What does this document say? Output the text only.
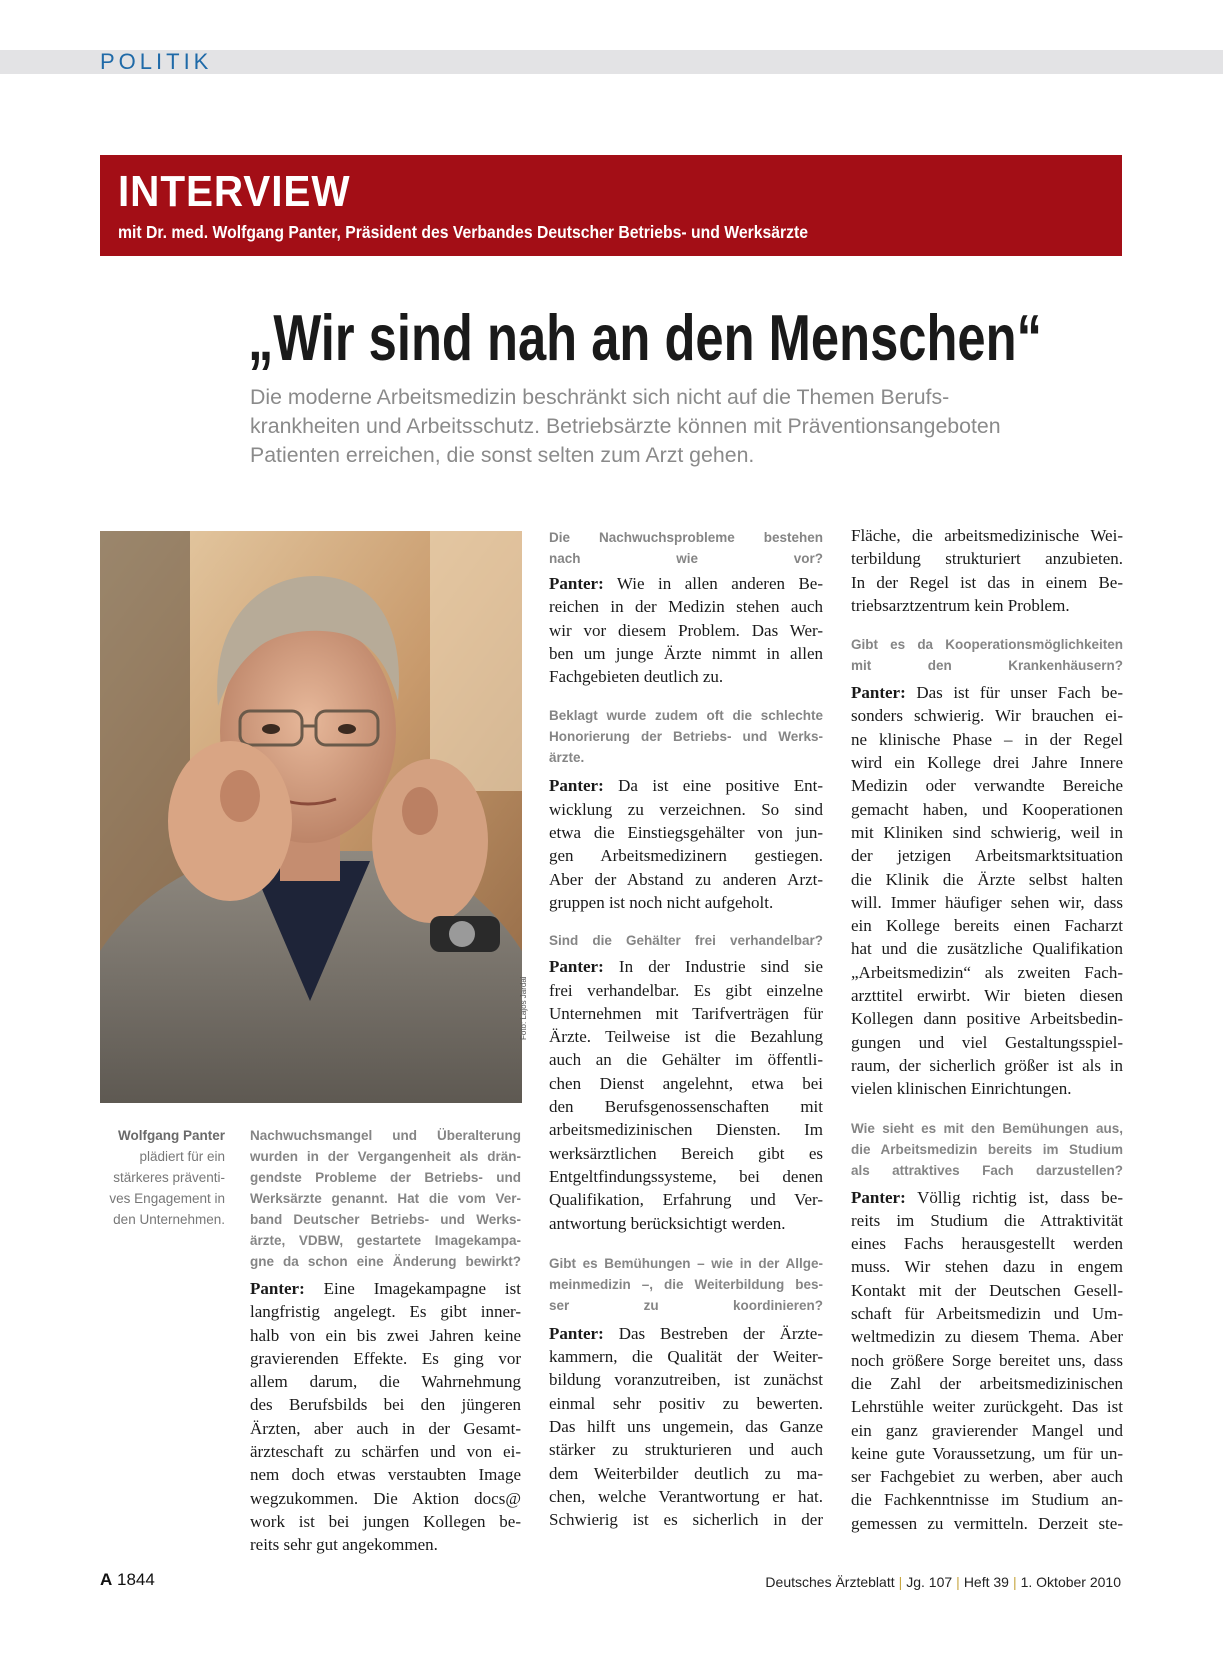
POLITIK
INTERVIEW
mit Dr. med. Wolfgang Panter, Präsident des Verbandes Deutscher Betriebs- und Werksärzte
„Wir sind nah an den Menschen“
Die moderne Arbeitsmedizin beschränkt sich nicht auf die Themen Berufs-
krankheiten und Arbeitsschutz. Betriebsärzte können mit Präventionsangeboten
Patienten erreichen, die sonst selten zum Arzt gehen.
Foto: Lajos Jardai
Wolfgang Panter
plädiert für ein
stärkeres präventi-
ves Engagement in
den Unternehmen.
Nachwuchsmangel und Überalterung
wurden in der Vergangenheit als drän-
gendste Probleme der Betriebs- und
Werksärzte genannt. Hat die vom Ver-
band Deutscher Betriebs- und Werks-
ärzte, VDBW, gestartete Imagekampa-
gne da schon eine Änderung bewirkt?
Panter: Eine Imagekampagne ist
langfristig angelegt. Es gibt inner-
halb von ein bis zwei Jahren keine
gravierenden Effekte. Es ging vor
allem darum, die Wahrnehmung
des Berufsbilds bei den jüngeren
Ärzten, aber auch in der Gesamt-
ärzteschaft zu schärfen und von ei-
nem doch etwas verstaubten Image
wegzukommen. Die Aktion docs@
work ist bei jungen Kollegen be-
reits sehr gut angekommen.
Die Nachwuchsprobleme bestehen
nach wie vor?
Panter: Wie in allen anderen Be-
reichen in der Medizin stehen auch
wir vor diesem Problem. Das Wer-
ben um junge Ärzte nimmt in allen
Fachgebieten deutlich zu.
Beklagt wurde zudem oft die schlechte
Honorierung der Betriebs- und Werks-
ärzte.
Panter: Da ist eine positive Ent-
wicklung zu verzeichnen. So sind
etwa die Einstiegsgehälter von jun-
gen Arbeitsmedizinern gestiegen.
Aber der Abstand zu anderen Arzt-
gruppen ist noch nicht aufgeholt.
Sind die Gehälter frei verhandelbar?
Panter: In der Industrie sind sie
frei verhandelbar. Es gibt einzelne
Unternehmen mit Tarifverträgen für
Ärzte. Teilweise ist die Bezahlung
auch an die Gehälter im öffentli-
chen Dienst angelehnt, etwa bei
den Berufsgenossenschaften mit
arbeitsmedizinischen Diensten. Im
werksärztlichen Bereich gibt es
Entgeltfindungssysteme, bei denen
Qualifikation, Erfahrung und Ver-
antwortung berücksichtigt werden.
Gibt es Bemühungen – wie in der Allge-
meinmedizin –, die Weiterbildung bes-
ser zu koordinieren?
Panter: Das Bestreben der Ärzte-
kammern, die Qualität der Weiter-
bildung voranzutreiben, ist zunächst
einmal sehr positiv zu bewerten.
Das hilft uns ungemein, das Ganze
stärker zu strukturieren und auch
dem Weiterbilder deutlich zu ma-
chen, welche Verantwortung er hat.
Schwierig ist es sicherlich in der
Fläche, die arbeitsmedizinische Wei-
terbildung strukturiert anzubieten.
In der Regel ist das in einem Be-
triebsarztzentrum kein Problem.
Gibt es da Kooperationsmöglichkeiten
mit den Krankenhäusern?
Panter: Das ist für unser Fach be-
sonders schwierig. Wir brauchen ei-
ne klinische Phase – in der Regel
wird ein Kollege drei Jahre Innere
Medizin oder verwandte Bereiche
gemacht haben, und Kooperationen
mit Kliniken sind schwierig, weil in
der jetzigen Arbeitsmarktsituation
die Klinik die Ärzte selbst halten
will. Immer häufiger sehen wir, dass
ein Kollege bereits einen Facharzt
hat und die zusätzliche Qualifikation
„Arbeitsmedizin“ als zweiten Fach-
arzttitel erwirbt. Wir bieten diesen
Kollegen dann positive Arbeitsbedin-
gungen und viel Gestaltungsspiel-
raum, der sicherlich größer ist als in
vielen klinischen Einrichtungen.
Wie sieht es mit den Bemühungen aus,
die Arbeitsmedizin bereits im Studium
als attraktives Fach darzustellen?
Panter: Völlig richtig ist, dass be-
reits im Studium die Attraktivität
eines Fachs herausgestellt werden
muss. Wir stehen dazu in engem
Kontakt mit der Deutschen Gesell-
schaft für Arbeitsmedizin und Um-
weltmedizin zu diesem Thema. Aber
noch größere Sorge bereitet uns, dass
die Zahl der arbeitsmedizinischen
Lehrstühle weiter zurückgeht. Das ist
ein ganz gravierender Mangel und
keine gute Voraussetzung, um für un-
ser Fachgebiet zu werben, aber auch
die Fachkenntnisse im Studium an-
gemessen zu vermitteln. Derzeit ste-
A 1844	Deutsches Ärzteblatt | Jg. 107 | Heft 39 | 1. Oktober 2010
